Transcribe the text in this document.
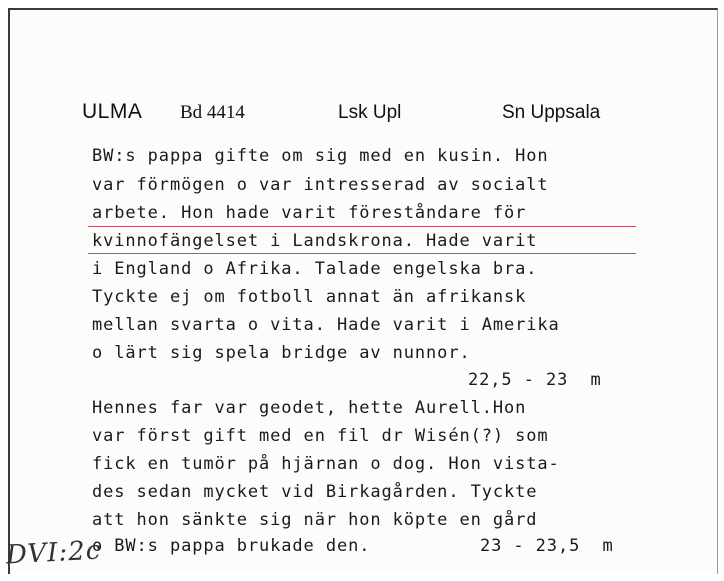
ULMA Bd 4414	Lsk Upl	Sn Uppsala
BW:s pappa gifte om sig med en kusin. Hon
var förmögen o var intresserad av socialt
arbete. Hon hade varit föreståndare för
kvinnofängelset i Landskrona. Hade varit
i England o Afrika. Talade engelska bra.
Tyckte ej om fotboll annat än afrikansk
mellan svarta o vita. Hade varit i Amerika
o lärt sig spela bridge av nunnor.
22,5 - 23  m
Hennes far var geodet, hette Aurell.Hon
var först gift med en fil dr Wisén(?) som
fick en tumör på hjärnan o dog. Hon vista-
des sedan mycket vid Birkagården. Tyckte
att hon sänkte sig när hon köpte en gård
o BW:s pappa brukade den.	23 - 23,5  m
DVI:2c
